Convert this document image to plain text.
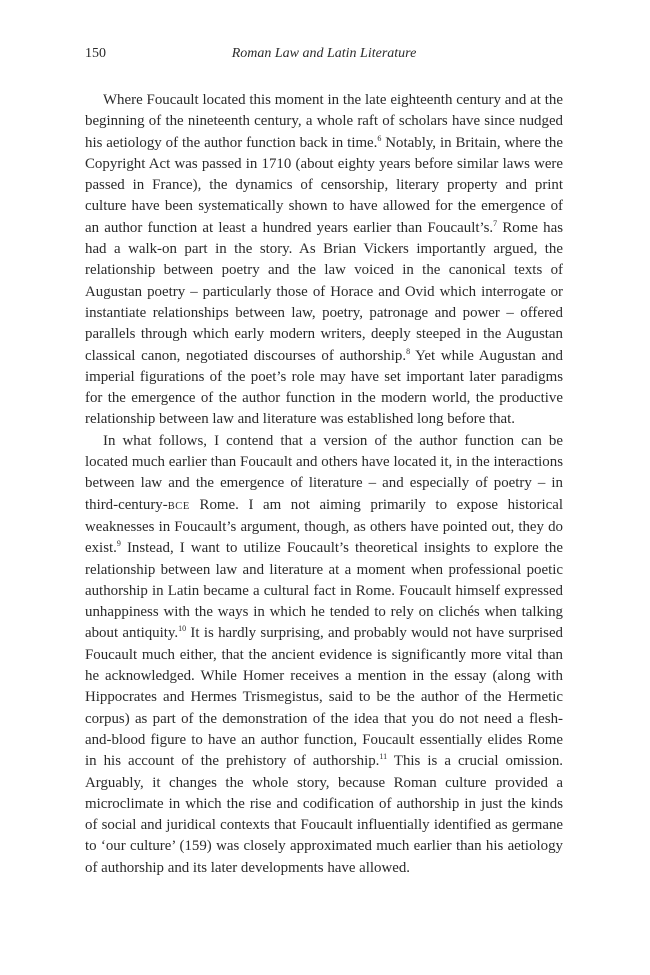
150	Roman Law and Latin Literature

Where Foucault located this moment in the late eighteenth century and at the beginning of the nineteenth century, a whole raft of scholars have since nudged his aetiology of the author function back in time.$^6$ Notably, in Britain, where the Copyright Act was passed in 1710 (about eighty years before similar laws were passed in France), the dynamics of censorship, literary property and print culture have been systematically shown to have allowed for the emergence of an author function at least a hundred years earlier than Foucault’s.$^7$ Rome has had a walk-on part in the story. As Brian Vickers importantly argued, the relationship between poetry and the law voiced in the canonical texts of Augustan poetry – particularly those of Horace and Ovid which interrogate or instantiate relationships between law, poetry, patronage and power – offered parallels through which early modern writers, deeply steeped in the Augustan classical canon, negotiated discourses of authorship.$^8$ Yet while Augustan and imperial figurations of the poet’s role may have set important later paradigms for the emergence of the author function in the modern world, the productive relationship between law and literature was established long before that.

In what follows, I contend that a version of the author function can be located much earlier than Foucault and others have located it, in the interactions between law and the emergence of literature – and especially of poetry – in third-century-BCE Rome. I am not aiming primarily to expose historical weaknesses in Foucault’s argument, though, as others have pointed out, they do exist.$^9$ Instead, I want to utilize Foucault’s theoretical insights to explore the relationship between law and literature at a moment when professional poetic authorship in Latin became a cultural fact in Rome. Foucault himself expressed unhappiness with the ways in which he tended to rely on clichés when talking about antiquity.$^{10}$ It is hardly surprising, and probably would not have surprised Foucault much either, that the ancient evidence is significantly more vital than he acknowledged. While Homer receives a mention in the essay (along with Hippocrates and Hermes Trismegistus, said to be the author of the Hermetic corpus) as part of the demonstration of the idea that you do not need a flesh-and-blood figure to have an author function, Foucault essentially elides Rome in his account of the prehistory of authorship.$^{11}$ This is a crucial omission. Arguably, it changes the whole story, because Roman culture provided a microclimate in which the rise and codification of authorship in just the kinds of social and juridical contexts that Foucault influentially identified as germane to ‘our culture’ (159) was closely approximated much earlier than his aetiology of authorship and its later developments have allowed.
